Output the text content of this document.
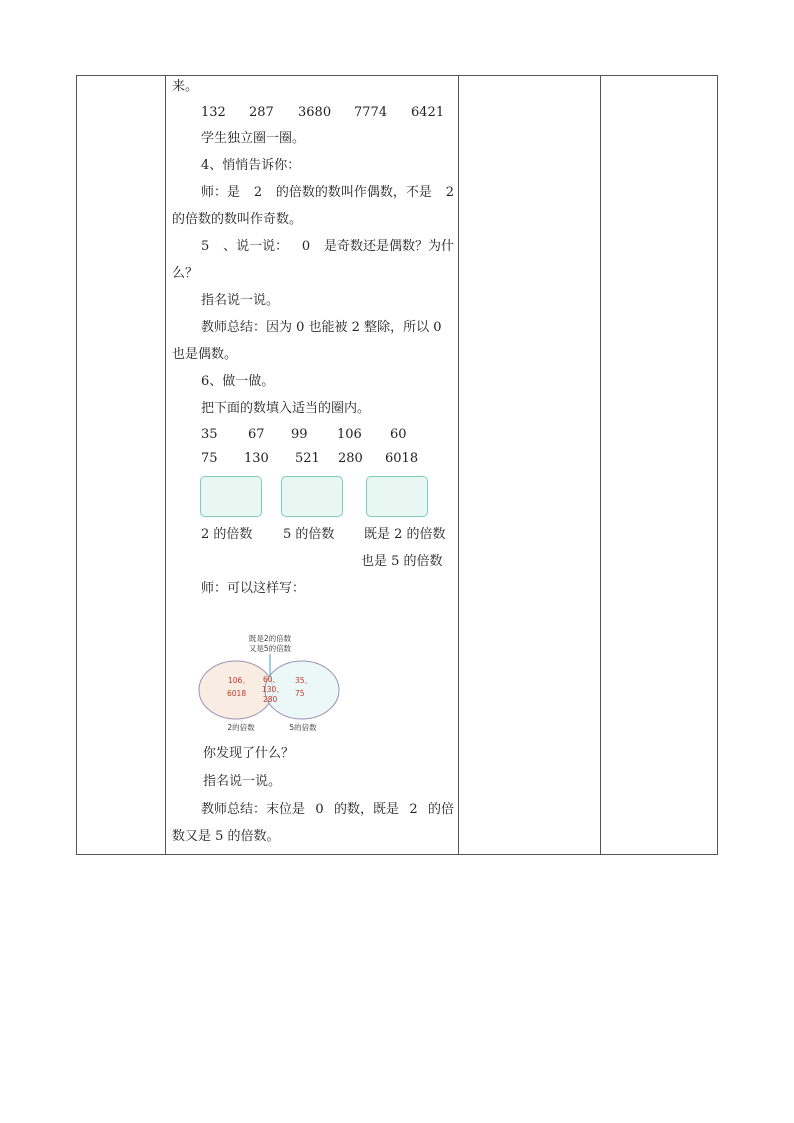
来。
132	287	3680	7774	6421
学生独立圈一圈。
4、悄悄告诉你：
师：是 2 的倍数的数叫作偶数，不是 2
的倍数的数叫作奇数。
5 、说一说： 0 是奇数还是偶数？为什
么？
指名说一说。
教师总结：因为 0 也能被 2 整除，所以 0
也是偶数。
6、做一做。
把下面的数填入适当的圈内。
35	67	99	106	60
75	130	521	280	6018
2 的倍数 5 的倍数 既是 2 的倍数
也是 5 的倍数
师：可以这样写：
你发现了什么？
指名说一说。
教师总结：末位是 0 的数，既是 2 的倍
数又是 5 的倍数。
既是2的倍数
又是5的倍数
106、
6018
60、
130、
280
35、
75
2的倍数	5的倍数
